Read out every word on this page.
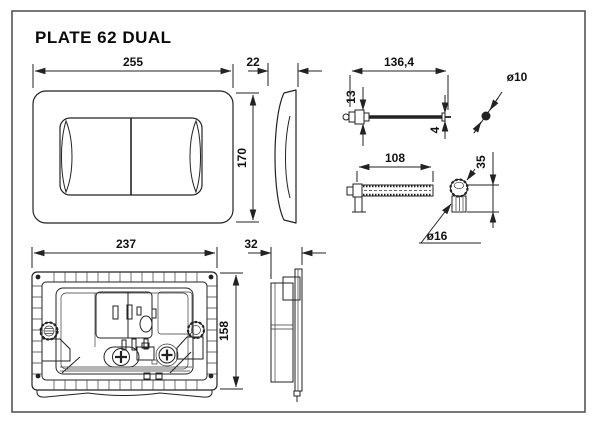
PLATE 62 DUAL
255
170
22	136,4
13
4
ø10
108
ø16
35
237
158
32
